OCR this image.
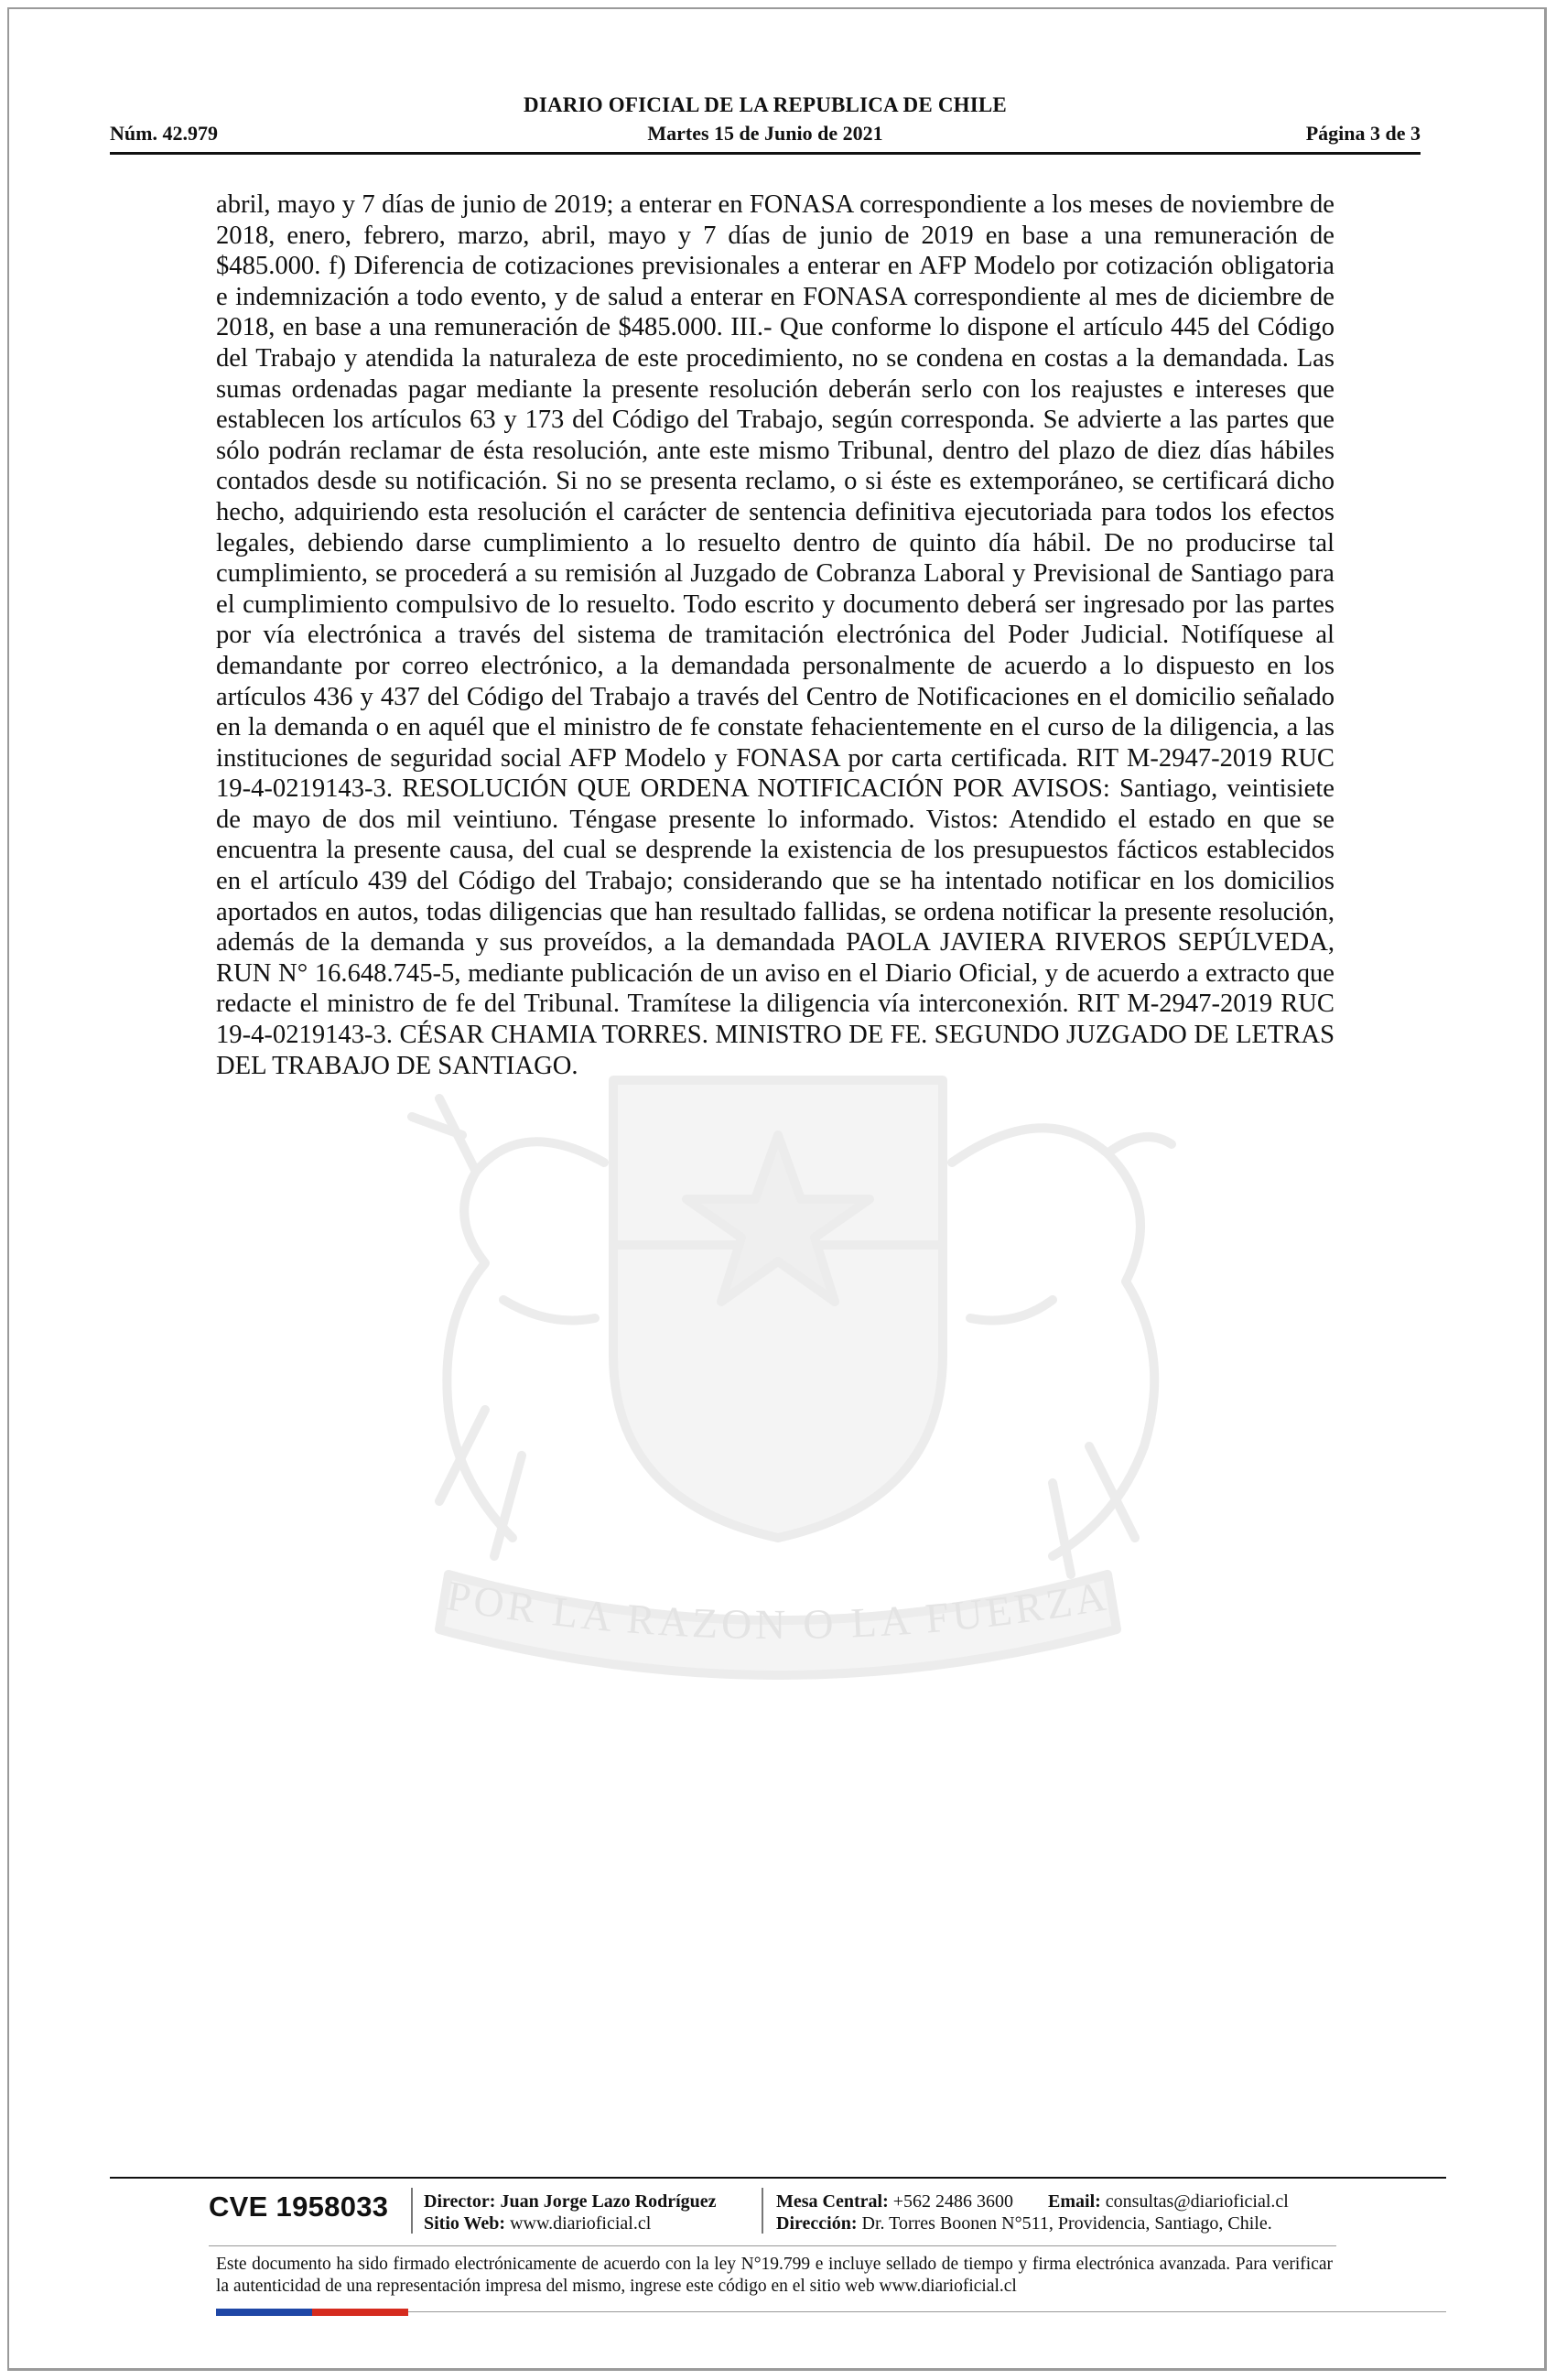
DIARIO OFICIAL DE LA REPUBLICA DE CHILE
Núm. 42.979	Martes 15 de Junio de 2021	Página 3 de 3
POR LA RAZON O LA FUERZA

abril, mayo y 7 días de junio de 2019; a enterar en FONASA correspondiente a los meses de noviembre de 2018, enero, febrero, marzo, abril, mayo y 7 días de junio de 2019 en base a una remuneración de $485.000. f) Diferencia de cotizaciones previsionales a enterar en AFP Modelo por cotización obligatoria e indemnización a todo evento, y de salud a enterar en FONASA correspondiente al mes de diciembre de 2018, en base a una remuneración de $485.000. III.- Que conforme lo dispone el artículo 445 del Código del Trabajo y atendida la naturaleza de este procedimiento, no se condena en costas a la demandada. Las sumas ordenadas pagar mediante la presente resolución deberán serlo con los reajustes e intereses que establecen los artículos 63 y 173 del Código del Trabajo, según corresponda. Se advierte a las partes que sólo podrán reclamar de ésta resolución, ante este mismo Tribunal, dentro del plazo de diez días hábiles contados desde su notificación. Si no se presenta reclamo, o si éste es extemporáneo, se certificará dicho hecho, adquiriendo esta resolución el carácter de sentencia definitiva ejecutoriada para todos los efectos legales, debiendo darse cumplimiento a lo resuelto dentro de quinto día hábil. De no producirse tal cumplimiento, se procederá a su remisión al Juzgado de Cobranza Laboral y Previsional de Santiago para el cumplimiento compulsivo de lo resuelto. Todo escrito y documento deberá ser ingresado por las partes por vía electrónica a través del sistema de tramitación electrónica del Poder Judicial. Notifíquese al demandante por correo electrónico, a la demandada personalmente de acuerdo a lo dispuesto en los artículos 436 y 437 del Código del Trabajo a través del Centro de Notificaciones en el domicilio señalado en la demanda o en aquél que el ministro de fe constate fehacientemente en el curso de la diligencia, a las instituciones de seguridad social AFP Modelo y FONASA por carta certificada. RIT M-2947-2019 RUC 19-4-0219143-3. RESOLUCIÓN QUE ORDENA NOTIFICACIÓN POR AVISOS: Santiago, veintisiete de mayo de dos mil veintiuno. Téngase presente lo informado. Vistos: Atendido el estado en que se encuentra la presente causa, del cual se desprende la existencia de los presupuestos fácticos establecidos en el artículo 439 del Código del Trabajo; considerando que se ha intentado notificar en los domicilios aportados en autos, todas diligencias que han resultado fallidas, se ordena notificar la presente resolución, además de la demanda y sus proveídos, a la demandada PAOLA JAVIERA RIVEROS SEPÚLVEDA, RUN N° 16.648.745-5, mediante publicación de un aviso en el Diario Oficial, y de acuerdo a extracto que redacte el ministro de fe del Tribunal. Tramítese la diligencia vía interconexión. RIT M-2947-2019 RUC 19-4-0219143-3. CÉSAR CHAMIA TORRES. MINISTRO DE FE. SEGUNDO JUZGADO DE LETRAS DEL TRABAJO DE SANTIAGO.

CVE 1958033 Director: Juan Jorge Lazo Rodríguez
Sitio Web: www.diarioficial.cl
Mesa Central: +562 2486 3600 Email: consultas@diarioficial.cl
Dirección: Dr. Torres Boonen N°511, Providencia, Santiago, Chile.

Este documento ha sido firmado electrónicamente de acuerdo con la ley N°19.799 e incluye sellado de tiempo y firma electrónica avanzada. Para verificar la autenticidad de una representación impresa del mismo, ingrese este código en el sitio web www.diarioficial.cl
